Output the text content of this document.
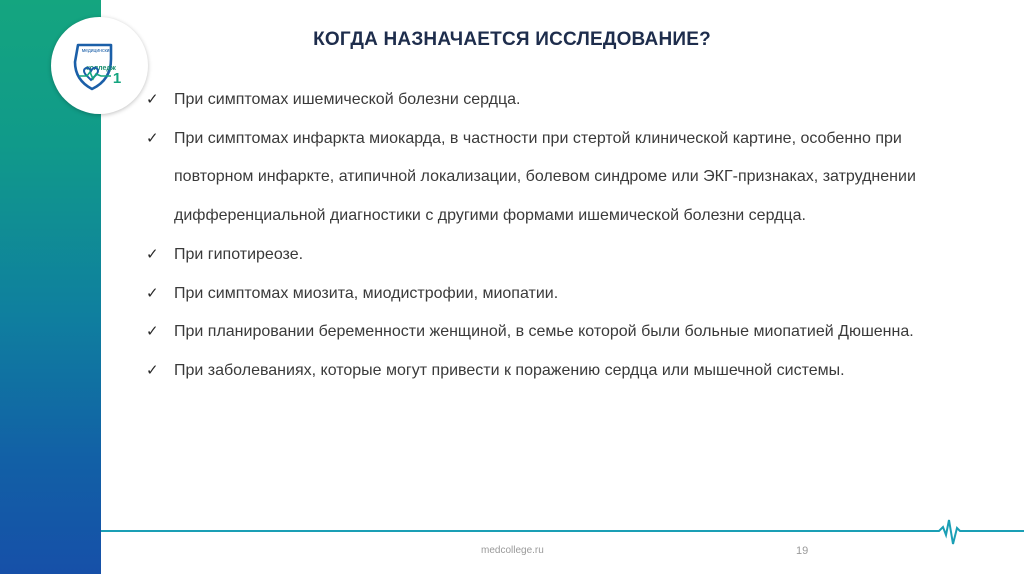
медицинский
колледж
1
КОГДА НАЗНАЧАЕТСЯ ИССЛЕДОВАНИЕ?
✓ При симптомах ишемической болезни сердца.
✓ При симптомах инфаркта миокарда, в частности при стертой клинической картине, особенно при повторном инфаркте, атипичной локализации, болевом синдроме или ЭКГ-признаках, затруднении дифференциальной диагностики с другими формами ишемической болезни сердца.
✓ При гипотиреозе.
✓ При симптомах миозита, миодистрофии, миопатии.
✓ При планировании беременности женщиной, в семье которой были больные миопатией Дюшенна.
✓ При заболеваниях, которые могут привести к поражению сердца или мышечной системы.
medcollege.ru	19
